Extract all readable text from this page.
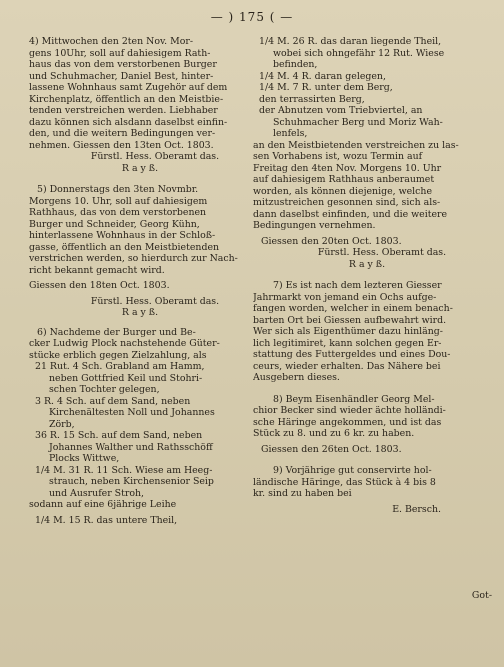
— ) 175 ( —
4) Mittwochen den 2ten Nov. Mor-
gens 10Uhr, soll auf dahiesigem Rath-
haus das von dem verstorbenen Burger
und Schuhmacher, Daniel Best, hinter-
lassene Wohnhaus samt Zugehör auf dem
Kirchenplatz, öffentlich an den Meistbie-
tenden verstreichen werden. Liebhaber
dazu können sich alsdann daselbst einfin-
den, und die weitern Bedingungen ver-
nehmen. Giessen den 13ten Oct. 1803.
Fürstl. Hess. Oberamt das.
R a y ß.
5) Donnerstags den 3ten Novmbr.
Morgens 10. Uhr, soll auf dahiesigem
Rathhaus, das von dem verstorbenen
Burger und Schneider, Georg Kühn,
hinterlassene Wohnhaus in der Schloß-
gasse, öffentlich an den Meistbietenden
verstrichen werden, so hierdurch zur Nach-
richt bekannt gemacht wird.
Giessen den 18ten Oct. 1803.
Fürstl. Hess. Oberamt das.
R a y ß.
6) Nachdeme der Burger und Be-
cker Ludwig Plock nachstehende Güter-
stücke erblich gegen Zielzahlung, als
21 Rut. 4 Sch. Grabland am Hamm,
neben Gottfried Keil und Stohri-
schen Tochter gelegen,
3 R. 4 Sch. auf dem Sand, neben
Kirchenältesten Noll und Johannes
Zörb,
36 R. 15 Sch. auf dem Sand, neben
Johannes Walther und Rathsschöff
Plocks Wittwe,
1/4 M. 31 R. 11 Sch. Wiese am Heeg-
strauch, neben Kirchensenior Seip
und Ausrufer Stroh,
sodann auf eine 6jährige Leihe
1/4 M. 15 R. das untere Theil,
1/4 M. 26 R. das daran liegende Theil,
wobei sich ohngefähr 12 Rut. Wiese
befinden,
1/4 M. 4 R. daran gelegen,
1/4 M. 7 R. unter dem Berg,
den terrassirten Berg,
der Abnutzen vom Triebviertel, an
Schuhmacher Berg und Moriz Wah-
lenfels,
an den Meistbietenden verstreichen zu las-
sen Vorhabens ist, wozu Termin auf
Freitag den 4ten Nov. Morgens 10. Uhr
auf dahiesigem Rathhaus anberaumet
worden, als können diejenige, welche
mitzustreichen gesonnen sind, sich als-
dann daselbst einfinden, und die weitere
Bedingungen vernehmen.
Giessen den 20ten Oct. 1803.
Fürstl. Hess. Oberamt das.
R a y ß.
7) Es ist nach dem lezteren Giesser
Jahrmarkt von jemand ein Ochs aufge-
fangen worden, welcher in einem benach-
barten Ort bei Giessen aufbewahrt wird.
Wer sich als Eigenthümer dazu hinläng-
lich legitimiret, kann solchen gegen Er-
stattung des Futtergeldes und eines Dou-
ceurs, wieder erhalten. Das Nähere bei
Ausgebern dieses.
8) Beym Eisenhändler Georg Mel-
chior Becker sind wieder ächte holländi-
sche Häringe angekommen, und ist das
Stück zu 8. und zu 6 kr. zu haben.
Giessen den 26ten Oct. 1803.
9) Vorjährige gut conservirte hol-
ländische Häringe, das Stück à 4 bis 8
kr. sind zu haben bei
E. Bersch.
Got-
